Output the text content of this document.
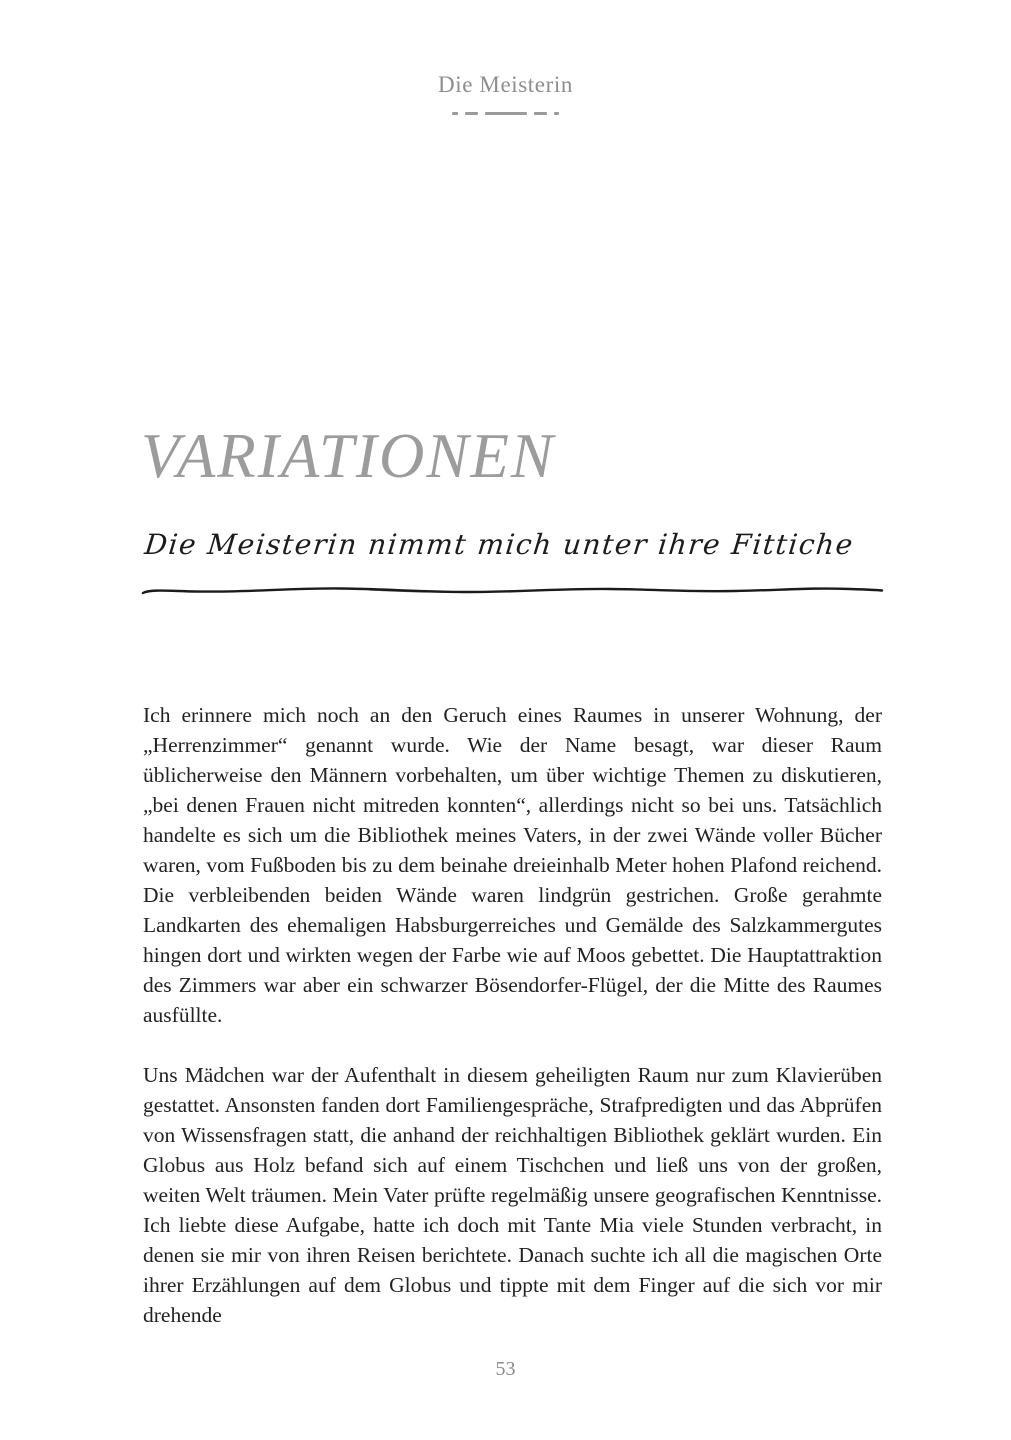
Die Meisterin
VARIATIONEN
Die Meisterin nimmt mich unter ihre Fittiche

Ich erinnere mich noch an den Geruch eines Raumes in unserer Wohnung, der „Herrenzimmer“ genannt wurde. Wie der Name besagt, war dieser Raum üblicherweise den Männern vorbehalten, um über wichtige Themen zu diskutieren, „bei denen Frauen nicht mitreden konnten“, allerdings nicht so bei uns. Tatsächlich handelte es sich um die Bibliothek meines Vaters, in der zwei Wände voller Bücher waren, vom Fußboden bis zu dem beinahe dreieinhalb Meter hohen Plafond reichend. Die verbleibenden beiden Wände waren lindgrün gestrichen. Große gerahmte Landkarten des ehemaligen Habsburgerreiches und Gemälde des Salzkammergutes hingen dort und wirkten wegen der Farbe wie auf Moos gebettet. Die Hauptattraktion des Zimmers war aber ein schwarzer Bösendorfer-Flügel, der die Mitte des Raumes ausfüllte.

Uns Mädchen war der Aufenthalt in diesem geheiligten Raum nur zum Klavierüben gestattet. Ansonsten fanden dort Familiengespräche, Strafpredigten und das Abprüfen von Wissensfragen statt, die anhand der reichhaltigen Bibliothek geklärt wurden. Ein Globus aus Holz befand sich auf einem Tischchen und ließ uns von der großen, weiten Welt träumen. Mein Vater prüfte regelmäßig unsere geografischen Kenntnisse. Ich liebte diese Aufgabe, hatte ich doch mit Tante Mia viele Stunden verbracht, in denen sie mir von ihren Reisen berichtete. Danach suchte ich all die magischen Orte ihrer Erzählungen auf dem Globus und tippte mit dem Finger auf die sich vor mir drehende

53
